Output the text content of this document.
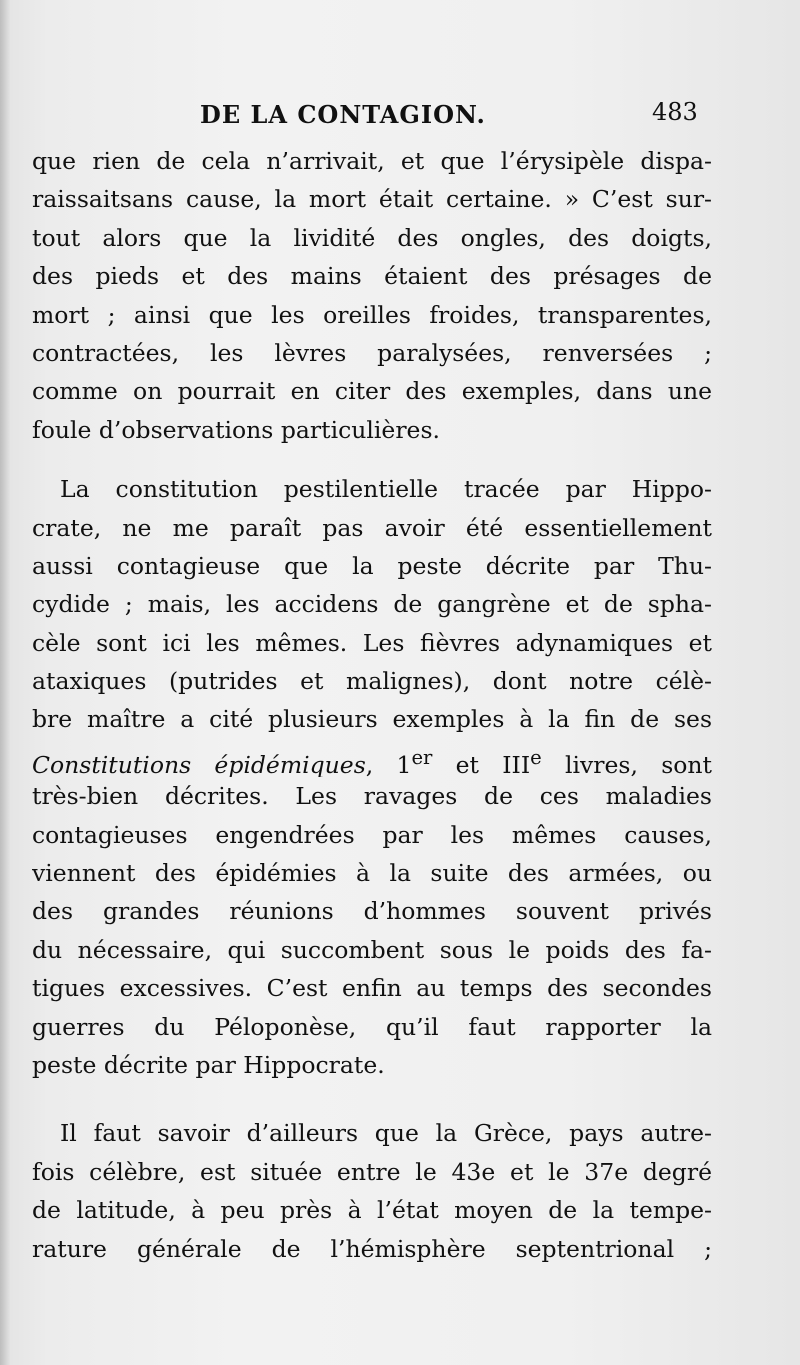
DE LA CONTAGION.	483
que rien de cela n’arrivait, et que l’érysipèle dispa-
raissaitsans cause, la mort était certaine. » C’est sur-
tout alors que la lividité des ongles, des doigts,
des pieds et des mains étaient des présages de
mort ; ainsi que les oreilles froides, transparentes,
contractées, les lèvres paralysées, renversées ;
comme on pourrait en citer des exemples, dans une
foule d’observations particulières.
La constitution pestilentielle tracée par Hippo-
crate, ne me paraît pas avoir été essentiellement
aussi contagieuse que la peste décrite par Thu-
cydide ; mais, les accidens de gangrène et de spha-
cèle sont ici les mêmes. Les fièvres adynamiques et
ataxiques (putrides et malignes), dont notre célè-
bre maître a cité plusieurs exemples à la fin de ses
Constitutions épidémiques, 1er et IIIe livres, sont
très-bien décrites. Les ravages de ces maladies
contagieuses engendrées par les mêmes causes,
viennent des épidémies à la suite des armées, ou
des grandes réunions d’hommes souvent privés
du nécessaire, qui succombent sous le poids des fa-
tigues excessives. C’est enfin au temps des secondes
guerres du Péloponèse, qu’il faut rapporter la
peste décrite par Hippocrate.
Il faut savoir d’ailleurs que la Grèce, pays autre-
fois célèbre, est située entre le 43e et le 37e degré
de latitude, à peu près à l’état moyen de la tempe-
rature générale de l’hémisphère septentrional ;
